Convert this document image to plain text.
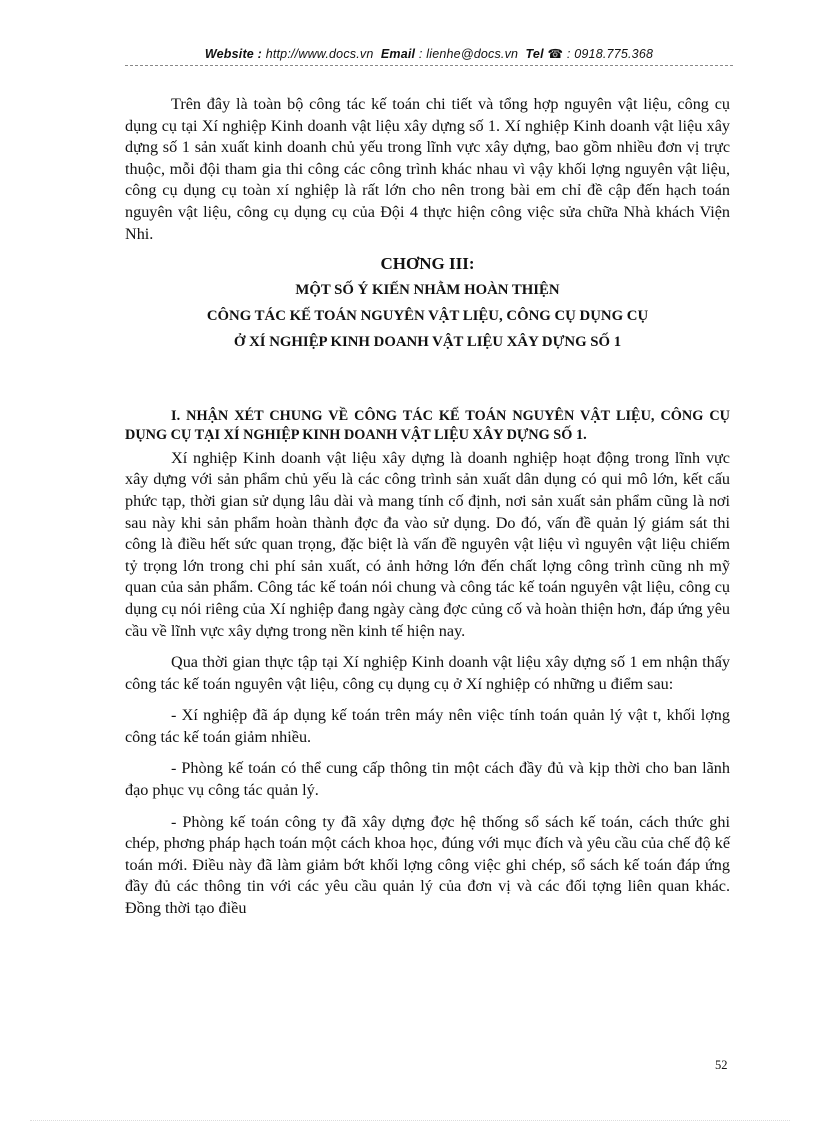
Website : http://www.docs.vn Email : lienhe@docs.vn Tel ☎ : 0918.775.368

Trên đây là toàn bộ công tác kế toán chi tiết và tổng hợp nguyên vật liệu, công cụ dụng cụ tại Xí nghiệp Kinh doanh vật liệu xây dựng số 1. Xí nghiệp Kinh doanh vật liệu xây dựng số 1 sản xuất kinh doanh chủ yếu trong lĩnh vực xây dựng, bao gồm nhiều đơn vị trực thuộc, mỗi đội tham gia thi công các công trình khác nhau vì vậy khối lợng nguyên vật liệu, công cụ dụng cụ toàn xí nghiệp là rất lớn cho nên trong bài em chỉ đề cập đến hạch toán nguyên vật liệu, công cụ dụng cụ của Đội 4 thực hiện công việc sửa chữa Nhà khách Viện Nhi.

CHƠNG III:

MỘT SỐ Ý KIẾN NHẰM HOÀN THIỆN

CÔNG TÁC KẾ TOÁN NGUYÊN VẬT LIỆU, CÔNG CỤ DỤNG CỤ

Ở XÍ NGHIỆP KINH DOANH VẬT LIỆU XÂY DỰNG SỐ 1

I. NHẬN XÉT CHUNG VỀ CÔNG TÁC KẾ TOÁN NGUYÊN VẬT LIỆU, CÔNG CỤ DỤNG CỤ TẠI XÍ NGHIỆP KINH DOANH VẬT LIỆU XÂY DỰNG SỐ 1.

Xí nghiệp Kinh doanh vật liệu xây dựng là doanh nghiệp hoạt động trong lĩnh vực xây dựng với sản phẩm chủ yếu là các công trình sản xuất dân dụng có qui mô lớn, kết cấu phức tạp, thời gian sử dụng lâu dài và mang tính cố định, nơi sản xuất sản phẩm cũng là nơi sau này khi sản phẩm hoàn thành đợc đa vào sử dụng. Do đó, vấn đề quản lý giám sát thi công là điều hết sức quan trọng, đặc biệt là vấn đề nguyên vật liệu vì nguyên vật liệu chiếm tỷ trọng lớn trong chi phí sản xuất, có ảnh hởng lớn đến chất lợng công trình cũng nh mỹ quan của sản phẩm. Công tác kế toán nói chung và công tác kế toán nguyên vật liệu, công cụ dụng cụ nói riêng của Xí nghiệp đang ngày càng đợc củng cố và hoàn thiện hơn, đáp ứng yêu cầu về lĩnh vực xây dựng trong nền kinh tế hiện nay.

Qua thời gian thực tập tại Xí nghiệp Kinh doanh vật liệu xây dựng số 1 em nhận thấy công tác kế toán nguyên vật liệu, công cụ dụng cụ ở Xí nghiệp có những u điểm sau:

- Xí nghiệp đã áp dụng kế toán trên máy nên việc tính toán quản lý vật t, khối lợng công tác kế toán giảm nhiều.

- Phòng kế toán có thể cung cấp thông tin một cách đầy đủ và kịp thời cho ban lãnh đạo phục vụ công tác quản lý.

- Phòng kế toán công ty đã xây dựng đợc hệ thống sổ sách kế toán, cách thức ghi chép, phơng pháp hạch toán một cách khoa học, đúng với mục đích và yêu cầu của chế độ kế toán mới. Điều này đã làm giảm bớt khối lợng công việc ghi chép, sổ sách kế toán đáp ứng đầy đủ các thông tin với các yêu cầu quản lý của đơn vị và các đối tợng liên quan khác. Đồng thời tạo điều

52
